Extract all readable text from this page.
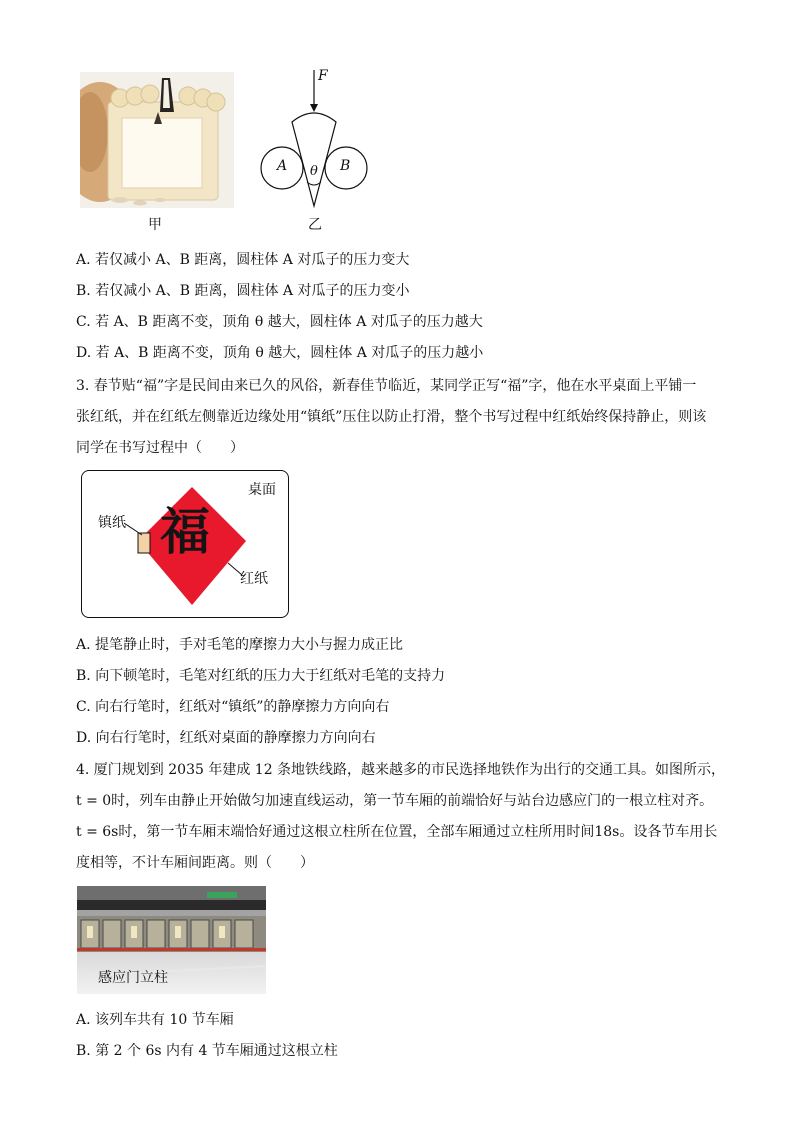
甲
F
A	B
θ
乙
A. 若仅减小 A、B 距离，圆柱体 A 对瓜子的压力变大
B. 若仅减小 A、B 距离，圆柱体 A 对瓜子的压力变小
C. 若 A、B 距离不变，顶角 θ 越大，圆柱体 A 对瓜子的压力越大
D. 若 A、B 距离不变，顶角 θ 越大，圆柱体 A 对瓜子的压力越小
3. 春节贴“福”字是民间由来已久的风俗，新春佳节临近，某同学正写“福”字，他在水平桌面上平铺一
张红纸，并在红纸左侧靠近边缘处用“镇纸”压住以防止打滑，整个书写过程中红纸始终保持静止，则该
同学在书写过程中（　　）
福
桌面
镇纸
红纸
A. 提笔静止时，手对毛笔的摩擦力大小与握力成正比
B. 向下顿笔时，毛笔对红纸的压力大于红纸对毛笔的支持力
C. 向右行笔时，红纸对“镇纸”的静摩擦力方向向右
D. 向右行笔时，红纸对桌面的静摩擦力方向向右
4. 厦门规划到 2035 年建成 12 条地铁线路，越来越多的市民选择地铁作为出行的交通工具。如图所示，
t = 0时，列车由静止开始做匀加速直线运动，第一节车厢的前端恰好与站台边感应门的一根立柱对齐。
t = 6s时，第一节车厢末端恰好通过这根立柱所在位置，全部车厢通过立柱所用时间18s。设各节车用长
度相等，不计车厢间距离。则（　　）
感应门立柱
A. 该列车共有 10 节车厢
B. 第 2 个 6s 内有 4 节车厢通过这根立柱
